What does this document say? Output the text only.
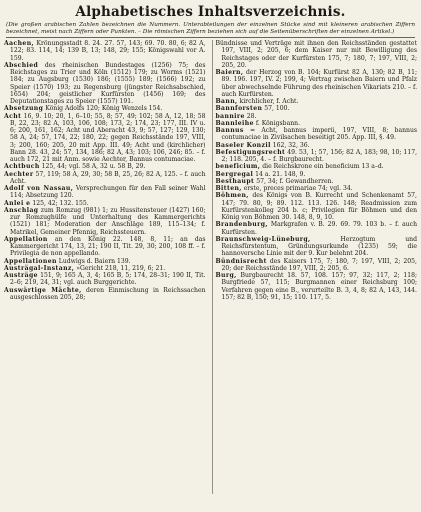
Alphabetisches Inhaltsverzeichnis.
(Die großen arabischen Zahlen bezeichnen die Nummern. Unterabteilungen der einzelnen Stücke sind mit kleineren arabischen Ziffern bezeichnet, meist nach Ziffern oder Punkten. – Die römischen Ziffern beziehen sich auf die Seitenüberschriften der einzelnen Artikel.)

Aachen, Krönungsstadt 8. 24. 27. 57, 143; 69. 70. 80, 6; 82 A, 122; 83. 114, 14; 139 B, 13; 148, 29; 155; Königswahl vor A. 159.

Abschied des rheinischen Bundestages (1256) 75; des Reichstages zu Trier und Köln (1512) 179; zu Worms (1521) 184; zu Augsburg (1530) 186; (1555) 189; (1566) 192; zu Speier (1570) 193; zu Regensburg (jüngster Reichsabschied, 1654) 204; geistlicher Kurfürsten (1456) 169; des Deputationstages zu Speier (1557) 191.

Absetzung König Adolfs 120; König Wenzels 154.

Acht 16, 9. 10; 20, 1, 6–10; 55, 8; 57, 49; 102; 58 A, 12, 18; 58 B, 22, 23; 82 A, 103, 106, 108; 173, 2; 174, 23; 177, III. IV u. 6; 200, 161, 162; Acht und Aberacht 43, 9; 57, 127; 129, 130; 58 A, 24; 57, 174, 22; 180, 22; gegen Reichsstände 197, VIII, 3; 200, 160; 205, 20 mit App. III. 49; Acht und (kirchlicher) Bann 28. 43, 24; 57, 134, 186; 82 A, 43; 103; 106, 246; 85. – f. auch 172, 21 mit Anm. sowie Aechter, Bannus contumaciae.

Achtbuch 125, 44; vgl. 58 A, 32 u. 58 B, 29.

Aechter 57, 119; 58 A, 29, 30; 58 B, 25, 26; 82 A, 125. – f. auch Acht.

Adolf von Nassau, Versprechungen für den Fall seiner Wahl 114; Absetzung 120.

Anlei e 125, 42; 132. 155.

Anschlag zum Romzug (981) 1; zu Hussitensteuer (1427) 160; zur Romzughülfe und Unterhaltung des Kammergerichts (1521) 181; Moderation der Anschläge 189, 115–134; f. Matrikel, Gemeiner Pfennig, Reichssteuern.

Appellation an den König 22. 148, 8, 11; an das Kammergericht 174, 13, 21; 190 II, Tit. 29, 30; 200, 108 ff. – f. Privilegia de non appellando.

Appellationen Ludwigs d. Baiern 139.

Austrägal-Instanz, »Gericht 218, 11, 219, 6; 21.

Austräge 151, 9; 165 A, 3, 4; 165 B, 5; 174, 28–31; 190 II, Tit. 2–6; 219, 24, 31; vgl. auch Burggerichte.

Auswärtige Mächte, deren Einmischung in Reichssachen ausgeschlossen 205, 28;

Bündnisse und Verträge mit ihnen den Reichsständen gestattet 197, VIII, 2; 205, 6; dem Kaiser nur mit Bewilligung des Reichstages oder der Kurfürsten 175, 7; 180, 7; 197, VIII, 2; 205, 20.

Baiern, der Herzog von B. 104; Kurfürst 82 A, 130; 82 B, 11; 89. 196. 197, IV. 2; 199, 4; Vertrag zwischen Baiern und Pfalz über abwechselnde Führung des rheinischen Vikariats 210. – f. auch Kurfürsten.

Bann, kirchlicher, f. Acht.

Bannforsten 57, 100.

bannire 28.

Bannleihe f. Königsbann.

Bannus = Acht, bannus imperii, 197, VIII, 8; bannus contumaciae in Zivilsachen beseitigt 205. App. III, §. 49.

Baseler Konzil 162, 32, 36.

Befestigungsrecht 49. 53, 1; 57, 156; 82 A, 183; 98, 10; 117, 2; 118. 205, 4. – f. Burgbaurecht.

beneficium, die Reichskrone ein beneficium 13 a–d.

Bergregal 14 a. 21. 148, 9.

Besthaupt 57, 34; f. Gewandherren.

Bitten, erste, preces primariae 74; vgl. 34.

Böhmen, des Königs von B. Kurrecht und Schenkenamt 57, 147; 79. 80, 9; 89. 112. 113. 126. 148; Readmission zum Kurfürstenkolleg 204 b. c; Privilegien für Böhmen und den König von Böhmen 30. 148, 8, 9, 10.

Brandenburg, Markgrafen v. B. 29. 69. 79. 103 b. – f. auch Kurfürsten.

Braunschweig-Lüneburg,	Herzogtum und Reichsfürstentum, Gründungsurkunde (1235) 59; die hannoversche Linie mit der 9. Kur belehnt 204.

Bündnisrecht des Kaisers 175, 7; 180, 7; 197, VIII, 2; 205, 20; der Reichsstände 197, VIII, 2; 205, 6.

Burg, Burgbaurecht 18. 57, 108. 157; 97, 32; 117, 2; 118; Burgfriede 57, 115; Burgmannen einer Reichsburg 100; Verfahren gegen eine B., verurteilte B. 3, 4, 8; 82 A, 143, 144. 157; 82 B, 150; 91, 15; 110. 117, 5.
